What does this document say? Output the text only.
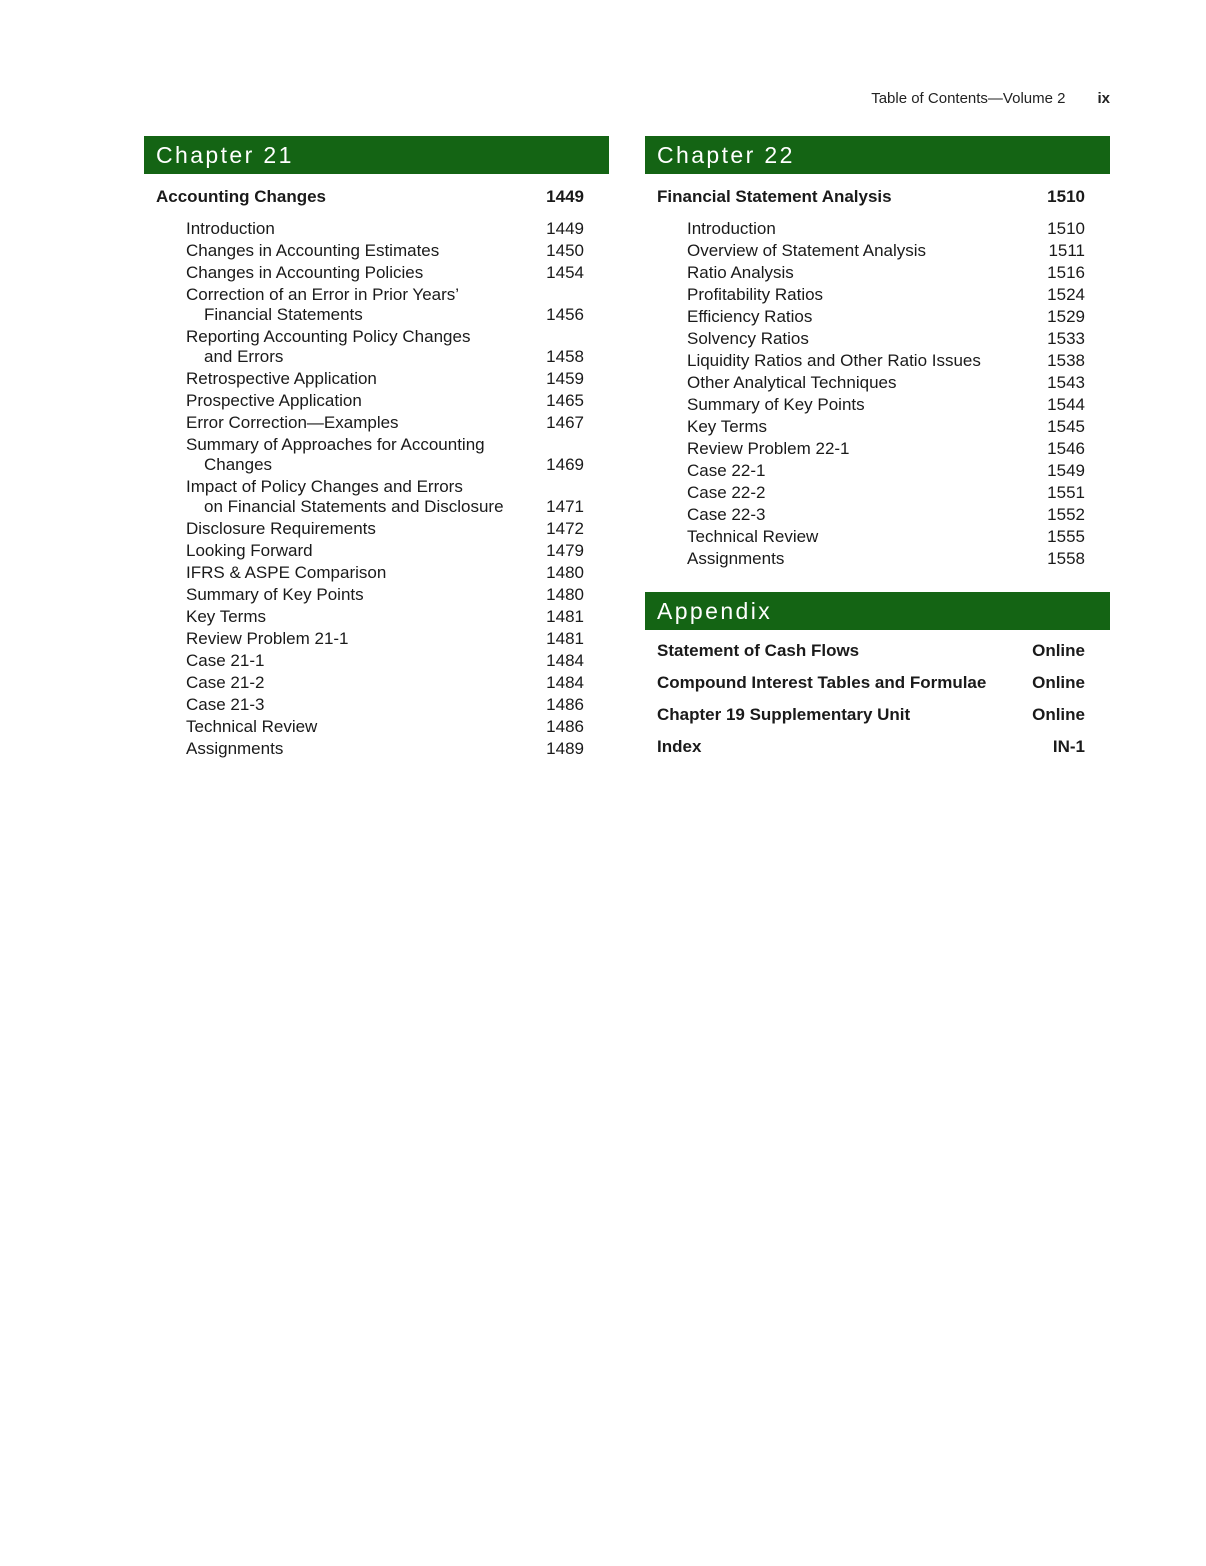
Table of Contents—Volume 2 ix
Chapter 21
Accounting Changes	1449
Introduction	1449
Changes in Accounting Estimates	1450
Changes in Accounting Policies	1454
Correction of an Error in Prior Years’
Financial Statements	1456
Reporting Accounting Policy Changes
and Errors	1458
Retrospective Application	1459
Prospective Application	1465
Error Correction—Examples	1467
Summary of Approaches for Accounting
Changes	1469
Impact of Policy Changes and Errors
on Financial Statements and Disclosure	1471
Disclosure Requirements	1472
Looking Forward	1479
IFRS & ASPE Comparison	1480
Summary of Key Points	1480
Key Terms	1481
Review Problem 21-1	1481
Case 21-1	1484
Case 21-2	1484
Case 21-3	1486
Technical Review	1486
Assignments	1489
Chapter 22
Financial Statement Analysis	1510
Introduction	1510
Overview of Statement Analysis	1511
Ratio Analysis	1516
Profitability Ratios	1524
Efficiency Ratios	1529
Solvency Ratios	1533
Liquidity Ratios and Other Ratio Issues	1538
Other Analytical Techniques	1543
Summary of Key Points	1544
Key Terms	1545
Review Problem 22-1	1546
Case 22-1	1549
Case 22-2	1551
Case 22-3	1552
Technical Review	1555
Assignments	1558
Appendix
Statement of Cash Flows	Online
Compound Interest Tables and Formulae	Online
Chapter 19 Supplementary Unit	Online
Index	IN-1
